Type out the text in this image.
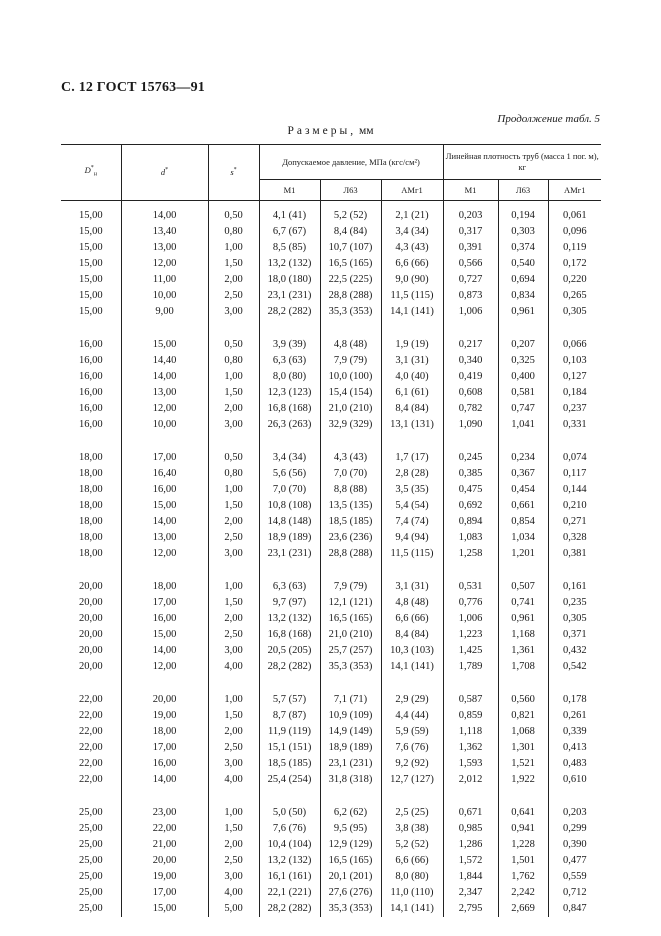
С. 12 ГОСТ 15763—91
Продолжение табл. 5
Размеры, мм
$D^*_н$	d*	s*	Допускаемое давление, МПа (кгс/см²)			Линейная плотность труб (масса 1 пог. м), кг		
			М1	Л63	АМг1	М1	Л63	АМг1

15,00	14,00	0,50	4,1 (41)	5,2 (52)	2,1 (21)	0,203	0,194	0,061
15,00	13,40	0,80	6,7 (67)	8,4 (84)	3,4 (34)	0,317	0,303	0,096
15,00	13,00	1,00	8,5 (85)	10,7 (107)	4,3 (43)	0,391	0,374	0,119
15,00	12,00	1,50	13,2 (132)	16,5 (165)	6,6 (66)	0,566	0,540	0,172
15,00	11,00	2,00	18,0 (180)	22,5 (225)	9,0 (90)	0,727	0,694	0,220
15,00	10,00	2,50	23,1 (231)	28,8 (288)	11,5 (115)	0,873	0,834	0,265
15,00	9,00	3,00	28,2 (282)	35,3 (353)	14,1 (141)	1,006	0,961	0,305

16,00	15,00	0,50	3,9 (39)	4,8 (48)	1,9 (19)	0,217	0,207	0,066
16,00	14,40	0,80	6,3 (63)	7,9 (79)	3,1 (31)	0,340	0,325	0,103
16,00	14,00	1,00	8,0 (80)	10,0 (100)	4,0 (40)	0,419	0,400	0,127
16,00	13,00	1,50	12,3 (123)	15,4 (154)	6,1 (61)	0,608	0,581	0,184
16,00	12,00	2,00	16,8 (168)	21,0 (210)	8,4 (84)	0,782	0,747	0,237
16,00	10,00	3,00	26,3 (263)	32,9 (329)	13,1 (131)	1,090	1,041	0,331

18,00	17,00	0,50	3,4 (34)	4,3 (43)	1,7 (17)	0,245	0,234	0,074
18,00	16,40	0,80	5,6 (56)	7,0 (70)	2,8 (28)	0,385	0,367	0,117
18,00	16,00	1,00	7,0 (70)	8,8 (88)	3,5 (35)	0,475	0,454	0,144
18,00	15,00	1,50	10,8 (108)	13,5 (135)	5,4 (54)	0,692	0,661	0,210
18,00	14,00	2,00	14,8 (148)	18,5 (185)	7,4 (74)	0,894	0,854	0,271
18,00	13,00	2,50	18,9 (189)	23,6 (236)	9,4 (94)	1,083	1,034	0,328
18,00	12,00	3,00	23,1 (231)	28,8 (288)	11,5 (115)	1,258	1,201	0,381

20,00	18,00	1,00	6,3 (63)	7,9 (79)	3,1 (31)	0,531	0,507	0,161
20,00	17,00	1,50	9,7 (97)	12,1 (121)	4,8 (48)	0,776	0,741	0,235
20,00	16,00	2,00	13,2 (132)	16,5 (165)	6,6 (66)	1,006	0,961	0,305
20,00	15,00	2,50	16,8 (168)	21,0 (210)	8,4 (84)	1,223	1,168	0,371
20,00	14,00	3,00	20,5 (205)	25,7 (257)	10,3 (103)	1,425	1,361	0,432
20,00	12,00	4,00	28,2 (282)	35,3 (353)	14,1 (141)	1,789	1,708	0,542

22,00	20,00	1,00	5,7 (57)	7,1 (71)	2,9 (29)	0,587	0,560	0,178
22,00	19,00	1,50	8,7 (87)	10,9 (109)	4,4 (44)	0,859	0,821	0,261
22,00	18,00	2,00	11,9 (119)	14,9 (149)	5,9 (59)	1,118	1,068	0,339
22,00	17,00	2,50	15,1 (151)	18,9 (189)	7,6 (76)	1,362	1,301	0,413
22,00	16,00	3,00	18,5 (185)	23,1 (231)	9,2 (92)	1,593	1,521	0,483
22,00	14,00	4,00	25,4 (254)	31,8 (318)	12,7 (127)	2,012	1,922	0,610

25,00	23,00	1,00	5,0 (50)	6,2 (62)	2,5 (25)	0,671	0,641	0,203
25,00	22,00	1,50	7,6 (76)	9,5 (95)	3,8 (38)	0,985	0,941	0,299
25,00	21,00	2,00	10,4 (104)	12,9 (129)	5,2 (52)	1,286	1,228	0,390
25,00	20,00	2,50	13,2 (132)	16,5 (165)	6,6 (66)	1,572	1,501	0,477
25,00	19,00	3,00	16,1 (161)	20,1 (201)	8,0 (80)	1,844	1,762	0,559
25,00	17,00	4,00	22,1 (221)	27,6 (276)	11,0 (110)	2,347	2,242	0,712
25,00	15,00	5,00	28,2 (282)	35,3 (353)	14,1 (141)	2,795	2,669	0,847
